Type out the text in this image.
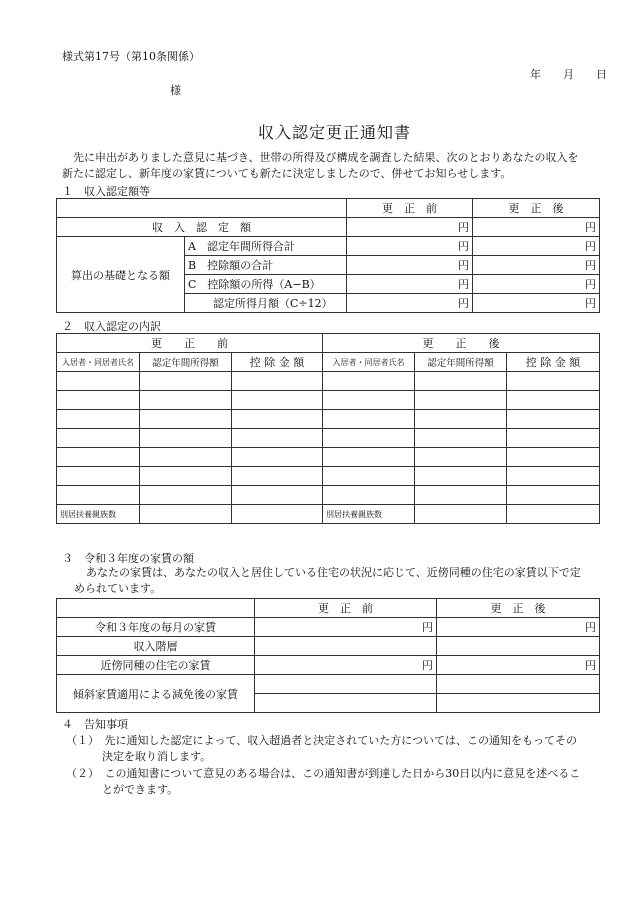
様式第17号（第10条関係）
年　　月　　日
様
収入認定更正通知書
先に申出がありました意見に基づき、世帯の所得及び構成を調査した結果、次のとおりあなたの収入を
新たに認定し、新年度の家賃についても新たに決定しましたので、併せてお知らせします。
１　収入認定額等
		更　正　前	更　正　後
収　入　認　定　額		円	円
算出の基礎となる額	A　認定年間所得合計	円	円
	B　控除額の合計	円	円
	C　控除額の所得（A−B）	円	円
	認定所得月額（C÷12）	円	円
２　収入認定の内訳
更　　正　　前			更　　正　　後		
入居者・同居者氏名	認定年間所得額	控 除 金 額	入居者・同居者氏名	認定年間所得額	控 除 金 額

別居扶養親族数			別居扶養親族数		
３　令和３年度の家賃の額
あなたの家賃は、あなたの収入と居住している住宅の状況に応じて、近傍同種の住宅の家賃以下で定
められています。
	更　正　前	更　正　後
令和３年度の毎月の家賃	円	円
収入階層		
近傍同種の住宅の家賃	円	円
傾斜家賃適用による減免後の家賃		

４　告知事項
（１）　 先に通知した認定によって、収入超過者と決定されていた方については、この通知をもってその
決定を取り消します。
（２）　 この通知書について意見のある場合は、この通知書が到達した日から30日以内に意見を述べるこ
とができます。
